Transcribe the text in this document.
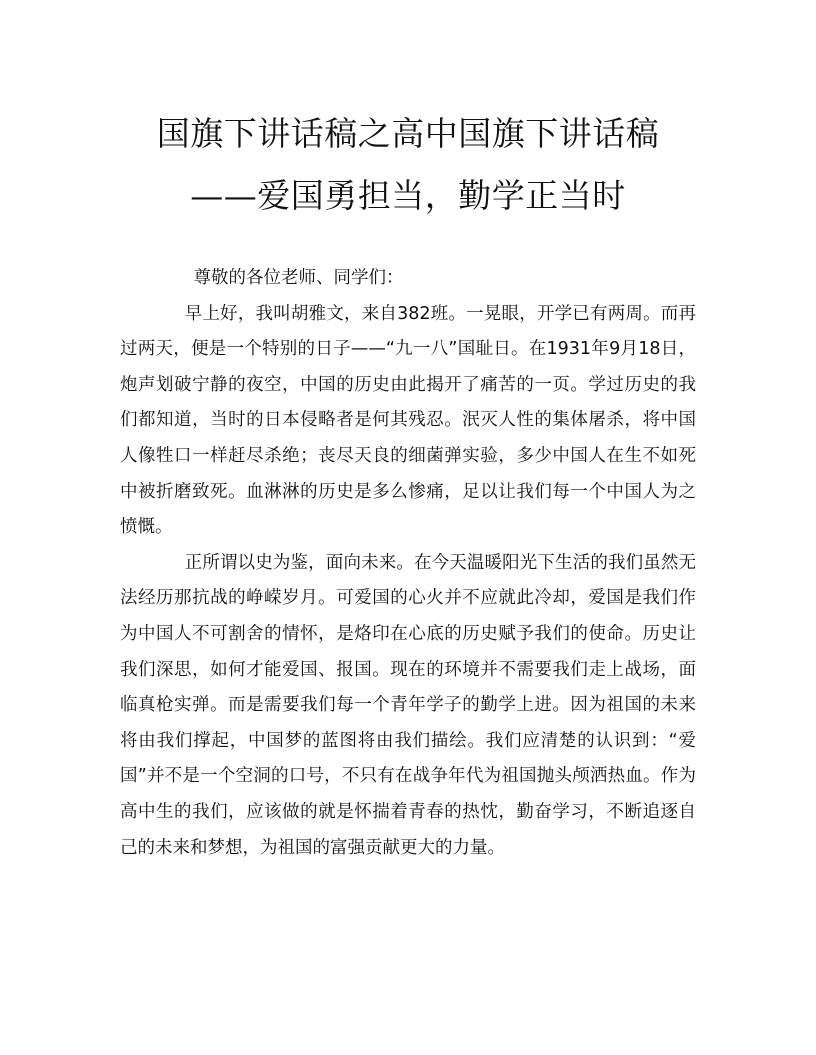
国旗下讲话稿之高中国旗下讲话稿
——爱国勇担当，勤学正当时

尊敬的各位老师、同学们：

早上好，我叫胡雅文，来自382班。一晃眼，开学已有两周。而再过两天，便是一个特别的日子——“九一八”国耻日。在1931年9月18日，炮声划破宁静的夜空，中国的历史由此揭开了痛苦的一页。学过历史的我们都知道，当时的日本侵略者是何其残忍。泯灭人性的集体屠杀，将中国人像牲口一样赶尽杀绝；丧尽天良的细菌弹实验，多少中国人在生不如死中被折磨致死。血淋淋的历史是多么惨痛，足以让我们每一个中国人为之愤慨。

正所谓以史为鉴，面向未来。在今天温暖阳光下生活的我们虽然无法经历那抗战的峥嵘岁月。可爱国的心火并不应就此冷却，爱国是我们作为中国人不可割舍的情怀，是烙印在心底的历史赋予我们的使命。历史让我们深思，如何才能爱国、报国。现在的环境并不需要我们走上战场，面临真枪实弹。而是需要我们每一个青年学子的勤学上进。因为祖国的未来将由我们撑起，中国梦的蓝图将由我们描绘。我们应清楚的认识到：“爱国”并不是一个空洞的口号，不只有在战争年代为祖国抛头颅洒热血。作为高中生的我们，应该做的就是怀揣着青春的热忱，勤奋学习，不断追逐自己的未来和梦想，为祖国的富强贡献更大的力量。
